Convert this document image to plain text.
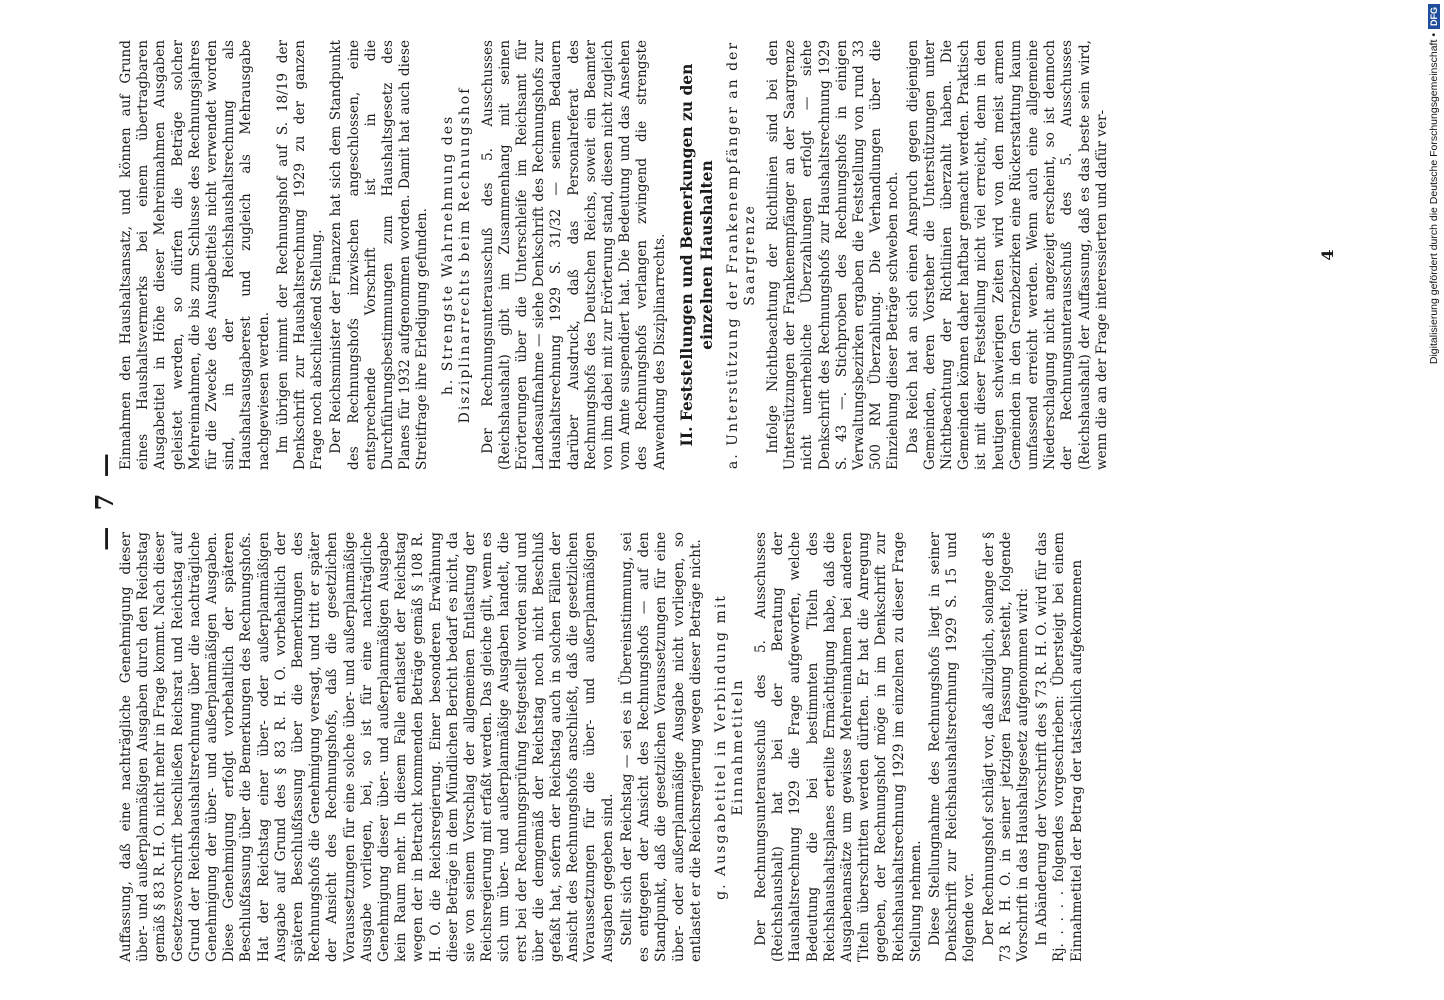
— 7 —

Auffassung, daß eine nachträgliche Genehmigung dieser über- und außerplanmäßigen Ausgaben durch den Reichstag gemäß § 83 R. H. O. nicht mehr in Frage kommt. Nach dieser Gesetzesvorschrift beschließen Reichsrat und Reichstag auf Grund der Reichshaushaltsrechnung über die nachträgliche Genehmigung der über- und außerplanmäßigen Ausgaben. Diese Genehmigung erfolgt vorbehaltlich der späteren Beschlußfassung über die Bemerkungen des Rechnungshofs. Hat der Reichstag einer über- oder außerplanmäßigen Ausgabe auf Grund des § 83 R. H. O. vorbehaltlich der späteren Beschlußfassung über die Bemerkungen des Rechnungshofs die Genehmigung versagt, und tritt er später der Ansicht des Rechnungshofs, daß die gesetzlichen Voraussetzungen für eine solche über- und außerplanmäßige Ausgabe vorliegen, bei, so ist für eine nachträgliche Genehmigung dieser über- und außerplanmäßigen Ausgabe kein Raum mehr. In diesem Falle entlastet der Reichstag wegen der in Betracht kommenden Beträge gemäß § 108 R. H. O. die Reichsregierung. Einer besonderen Erwähnung dieser Beträge in dem Mündlichen Bericht bedarf es nicht, da sie von seinem Vorschlag der allgemeinen Entlastung der Reichsregierung mit erfaßt werden. Das gleiche gilt, wenn es sich um über- und außerplanmäßige Ausgaben handelt, die erst bei der Rechnungsprüfung festgestellt worden sind und über die demgemäß der Reichstag noch nicht Beschluß gefaßt hat, sofern der Reichstag auch in solchen Fällen der Ansicht des Rechnungshofs anschließt, daß die gesetzlichen Voraussetzungen für die über- und außerplanmäßigen Ausgaben gegeben sind. Stellt sich der Reichstag — sei es in Übereinstimmung, sei es entgegen der Ansicht des Rechnungshofs — auf den Standpunkt, daß die gesetzlichen Voraussetzungen für eine über- oder außerplanmäßige Ausgabe nicht vorliegen, so entlastet er die Reichsregierung wegen dieser Beträge nicht. g. Ausgabetitel in Verbindung mit Einnahmetiteln Der Rechnungsunterausschuß des 5. Ausschusses (Reichshaushalt) hat bei der Beratung der Haushaltsrechnung 1929 die Frage aufgeworfen, welche Bedeutung die bei bestimmten Titeln des Reichshaushaltsplanes erteilte Ermächtigung habe, daß die Ausgabenansätze um gewisse Mehreinnahmen bei anderen Titeln überschritten werden dürften. Er hat die Anregung gegeben, der Rechnungshof möge in im Denkschrift zur Reichshaushaltsrechnung 1929 im einzelnen zu dieser Frage Stellung nehmen. Diese Stellungnahme des Rechnungshofs liegt in seiner Denkschrift zur Reichshaushaltsrechnung 1929 S. 15 und folgende vor. Der Rechnungshof schlägt vor, daß allzüglich, solange der § 73 R. H. O. in seiner jetzigen Fassung besteht, folgende Vorschrift in das Haushaltsgesetz aufgenommen wird: In Abänderung der Vorschrift des § 73 R. H. O. wird für das Rj. . . . . folgendes vorgeschrieben: Übersteigt bei einem Einnahmetitel der Betrag der tatsächlich aufgekommenen

Einnahmen den Haushaltsansatz, und können auf Grund eines Haushaltsvermerks bei einem übertragbaren Ausgabetitel in Höhe dieser Mehreinnahmen Ausgaben geleistet werden, so dürfen die Beträge solcher Mehreinnahmen, die bis zum Schlusse des Rechnungsjahres für die Zwecke des Ausgabetitels nicht verwendet worden sind, in der Reichshaushaltsrechnung als Haushaltsausgaberest und zugleich als Mehrausgabe nachgewiesen werden. Im übrigen nimmt der Rechnungshof auf S. 18/19 der Denkschrift zur Haushaltsrechnung 1929 zu der ganzen Frage noch abschließend Stellung. Der Reichsminister der Finanzen hat sich dem Standpunkt des Rechnungshofs inzwischen angeschlossen, eine entsprechende Vorschrift ist in die Durchführungsbestimmungen zum Haushaltsgesetz des Planes für 1932 aufgenommen worden. Damit hat auch diese Streitfrage ihre Erledigung gefunden. h. Strengste Wahrnehmung des Disziplinarrechts beim Rechnungshof Der Rechnungsunterausschuß des 5. Ausschusses (Reichshaushalt) gibt im Zusammenhang mit seinen Erörterungen über die Unterschleife im Reichsamt für Landesaufnahme — siehe Denkschrift des Rechnungshofs zur Haushaltsrechnung 1929 S. 31/32 — seinem Bedauern darüber Ausdruck, daß das Personalreferat des Rechnungshofs des Deutschen Reichs, soweit ein Beamter von ihm dabei mit zur Erörterung stand, diesen nicht zugleich vom Amte suspendiert hat. Die Bedeutung und das Ansehen des Rechnungshofs verlangen zwingend die strengste Anwendung des Disziplinarrechts. II. Feststellungen und Bemerkungen zu den einzelnen Haushalten a. Unterstützung der Frankenempfänger an der Saargrenze Infolge Nichtbeachtung der Richtlinien sind bei den Unterstützungen der Frankenempfänger an der Saargrenze nicht unerhebliche Überzahlungen erfolgt — siehe Denkschrift des Rechnungshofs zur Haushaltsrechnung 1929 S. 43 —. Stichproben des Rechnungshofs in einigen Verwaltungsbezirken ergaben die Feststellung von rund 33 500 RM Überzahlung. Die Verhandlungen über die Einziehung dieser Beträge schweben noch. Das Reich hat an sich einen Anspruch gegen diejenigen Gemeinden, deren Vorsteher die Unterstützungen unter Nichtbeachtung der Richtlinien überzahlt haben. Die Gemeinden können daher haftbar gemacht werden. Praktisch ist mit dieser Feststellung nicht viel erreicht, denn in den heutigen schwierigen Zeiten wird von den meist armen Gemeinden in den Grenzbezirken eine Rückerstattung kaum umfassend erreicht werden. Wenn auch eine allgemeine Niederschlagung nicht angezeigt erscheint, so ist dennoch der Rechnungsunterausschuß des 5. Ausschusses (Reichshaushalt) der Auffassung, daß es das beste sein wird, wenn die an der Frage interessierten und dafür ver-	4	Digitalisierung gefördert durch die Deutsche Forschungsgemeinschaft •
DFG
